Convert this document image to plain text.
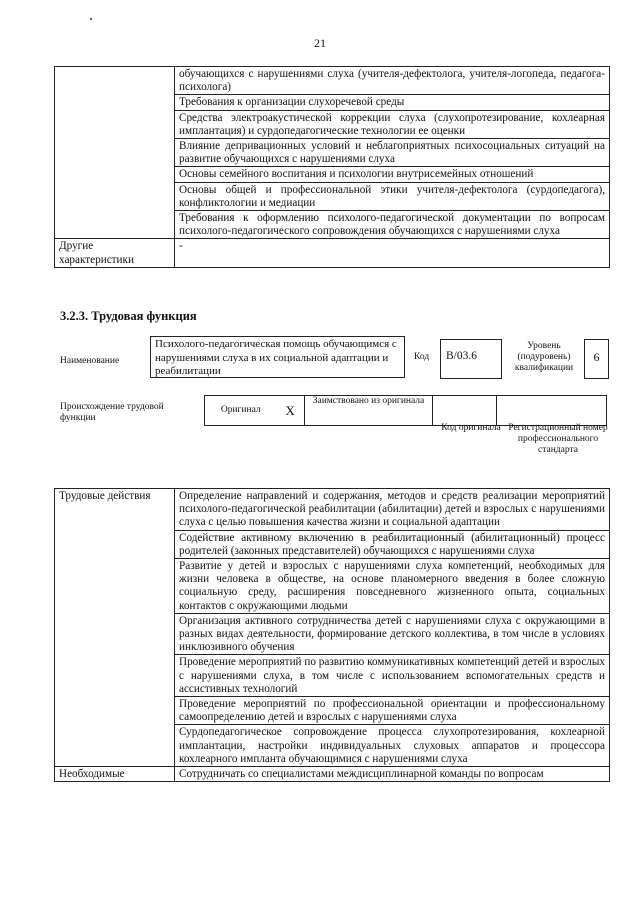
21
	обучающихся с нарушениями слуха (учителя-дефектолога, учителя-логопеда, педагога-психолога)
	Требования к организации слухоречевой среды
	Средства электроакустической коррекции слуха (слухопротезирование, кохлеарная имплантация) и сурдопедагогические технологии ее оценки
	Влияние депривационных условий и неблагоприятных психосоциальных ситуаций на развитие обучающихся с нарушениями слуха
	Основы семейного воспитания и психологии внутрисемейных отношений
	Основы общей и профессиональной этики учителя-дефектолога (сурдопедагога), конфликтологии и медиации
	Требования к оформлению психолого-педагогической документации по вопросам психолого-педагогического сопровождения обучающихся с нарушениями слуха
Другие характеристики	-
3.2.3. Трудовая функция
Наименование
Психолого-педагогическая помощь обучающимся с нарушениями слуха в их социальной адаптации и реабилитации
Код	В/03.6
Уровень (подуровень) квалификации
6
Происхождение трудовой функции
Оригинал	X	Заимствовано из оригинала		
Код оригинала Регистрационный номер профессионального стандарта
Трудовые действия	Определение направлений и содержания, методов и средств реализации мероприятий психолого-педагогической реабилитации (абилитации) детей и взрослых с нарушениями слуха с целью повышения качества жизни и социальной адаптации
	Содействие активному включению в реабилитационный (абилитационный) процесс родителей (законных представителей) обучающихся с нарушениями слуха
	Развитие у детей и взрослых с нарушениями слуха компетенций, необходимых для жизни человека в обществе, на основе планомерного введения в более сложную социальную среду, расширения повседневного жизненного опыта, социальных контактов с окружающими людьми
	Организация активного сотрудничества детей с нарушениями слуха с окружающими в разных видах деятельности, формирование детского коллектива, в том числе в условиях инклюзивного обучения
	Проведение мероприятий по развитию коммуникативных компетенций детей и взрослых с нарушениями слуха, в том числе с использованием вспомогательных средств и ассистивных технологий
	Проведение мероприятий по профессиональной ориентации и профессиональному самоопределению детей и взрослых с нарушениями слуха
	Сурдопедагогическое сопровождение процесса слухопротезирования, кохлеарной имплантации, настройки индивидуальных слуховых аппаратов и процессора кохлеарного импланта обучающимися с нарушениями слуха
Необходимые	Сотрудничать со специалистами междисциплинарной команды по вопросам
